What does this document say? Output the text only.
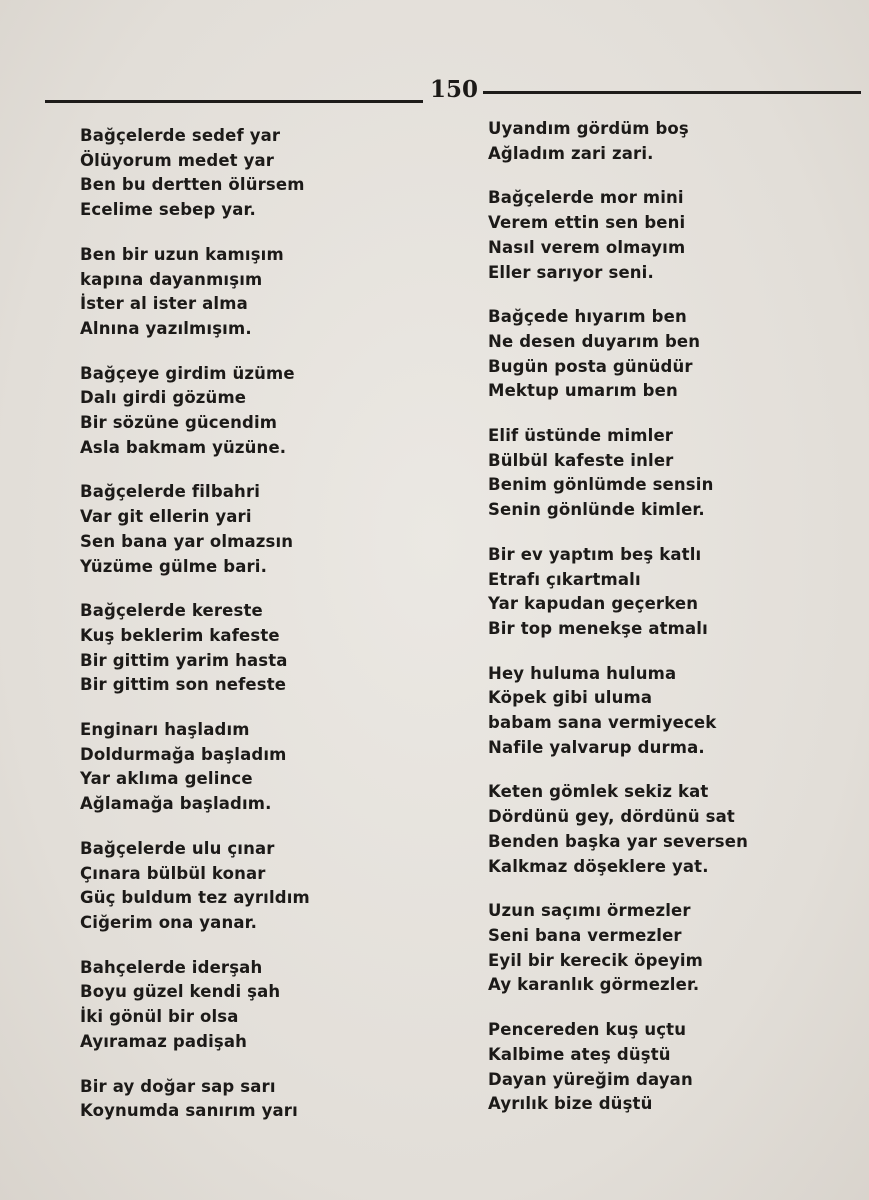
150
Bağçelerde sedef yar
Ölüyorum medet yar
Ben bu dertten ölürsem
Ecelime sebep yar.
Ben bir uzun kamışım
kapına dayanmışım
İster al ister alma
Alnına yazılmışım.
Bağçeye girdim üzüme
Dalı girdi gözüme
Bir sözüne gücendim
Asla bakmam yüzüne.
Bağçelerde filbahri
Var git ellerin yari
Sen bana yar olmazsın
Yüzüme gülme bari.
Bağçelerde kereste
Kuş beklerim kafeste
Bir gittim yarim hasta
Bir gittim son nefeste
Enginarı haşladım
Doldurmağa başladım
Yar aklıma gelince
Ağlamağa başladım.
Bağçelerde ulu çınar
Çınara bülbül konar
Güç buldum tez ayrıldım
Ciğerim ona yanar.
Bahçelerde iderşah
Boyu güzel kendi şah
İki gönül bir olsa
Ayıramaz padişah
Bir ay doğar sap sarı
Koynumda sanırım yarı
Uyandım gördüm boş
Ağladım zari zari.
Bağçelerde mor mini
Verem ettin sen beni
Nasıl verem olmayım
Eller sarıyor seni.
Bağçede hıyarım ben
Ne desen duyarım ben
Bugün posta günüdür
Mektup umarım ben
Elif üstünde mimler
Bülbül kafeste inler
Benim gönlümde sensin
Senin gönlünde kimler.
Bir ev yaptım beş katlı
Etrafı çıkartmalı
Yar kapudan geçerken
Bir top menekşe atmalı
Hey huluma huluma
Köpek gibi uluma
babam sana vermiyecek
Nafile yalvarup durma.
Keten gömlek sekiz kat
Dördünü gey, dördünü sat
Benden başka yar seversen
Kalkmaz döşeklere yat.
Uzun saçımı örmezler
Seni bana vermezler
Eyil bir kerecik öpeyim
Ay karanlık görmezler.
Pencereden kuş uçtu
Kalbime ateş düştü
Dayan yüreğim dayan
Ayrılık bize düştü
